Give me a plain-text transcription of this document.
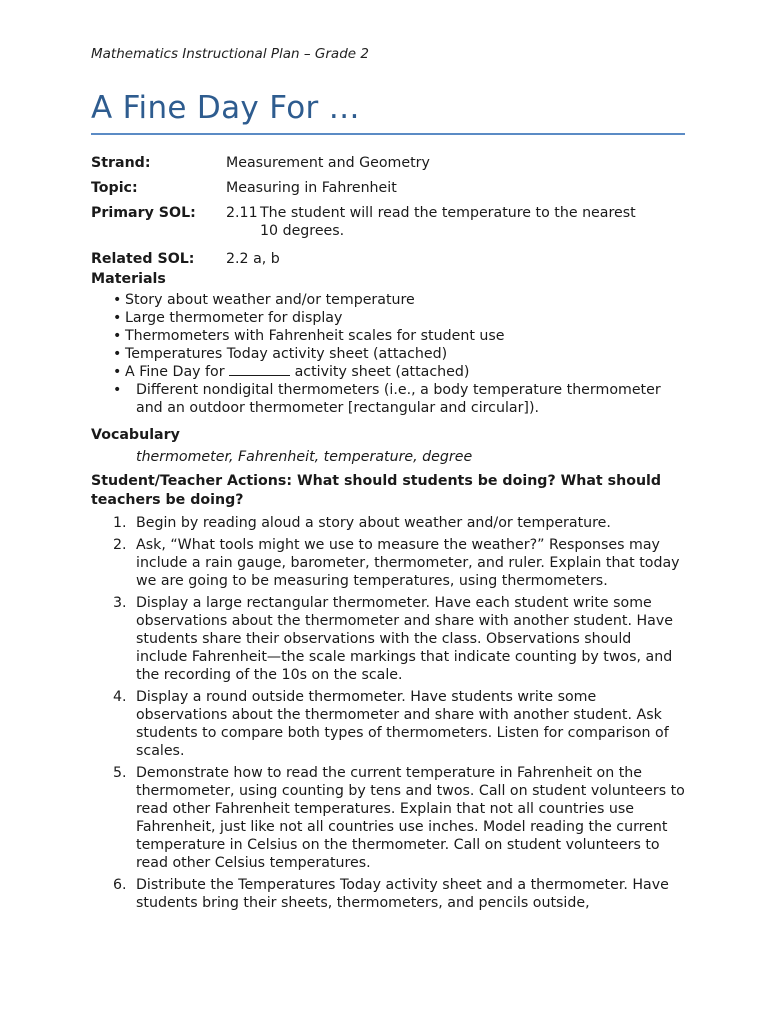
Mathematics Instructional Plan – Grade 2
A Fine Day For …
Strand:	Measurement and Geometry
Topic:	Measuring in Fahrenheit
Primary SOL:	2.11 The student will read the temperature to the nearest
10 degrees.
Related SOL:	2.2 a, b
Materials
• Story about weather and/or temperature
• Large thermometer for display
• Thermometers with Fahrenheit scales for student use
• Temperatures Today activity sheet (attached)
• A Fine Day for	activity sheet (attached)
• Different nondigital thermometers (i.e., a body temperature thermometer and an outdoor thermometer [rectangular and circular]).
Vocabulary
thermometer, Fahrenheit, temperature, degree
Student/Teacher Actions: What should students be doing? What should teachers be doing?
1. Begin by reading aloud a story about weather and/or temperature.
2. Ask, “What tools might we use to measure the weather?” Responses may include a rain gauge, barometer, thermometer, and ruler. Explain that today we are going to be measuring temperatures, using thermometers.
3. Display a large rectangular thermometer. Have each student write some observations about the thermometer and share with another student. Have students share their observations with the class. Observations should include Fahrenheit—the scale markings that indicate counting by twos, and the recording of the 10s on the scale.
4. Display a round outside thermometer. Have students write some observations about the thermometer and share with another student. Ask students to compare both types of thermometers. Listen for comparison of scales.
5. Demonstrate how to read the current temperature in Fahrenheit on the thermometer, using counting by tens and twos. Call on student volunteers to read other Fahrenheit temperatures. Explain that not all countries use Fahrenheit, just like not all countries use inches. Model reading the current temperature in Celsius on the thermometer. Call on student volunteers to read other Celsius temperatures.
6. Distribute the Temperatures Today activity sheet and a thermometer. Have students bring their sheets, thermometers, and pencils outside,
